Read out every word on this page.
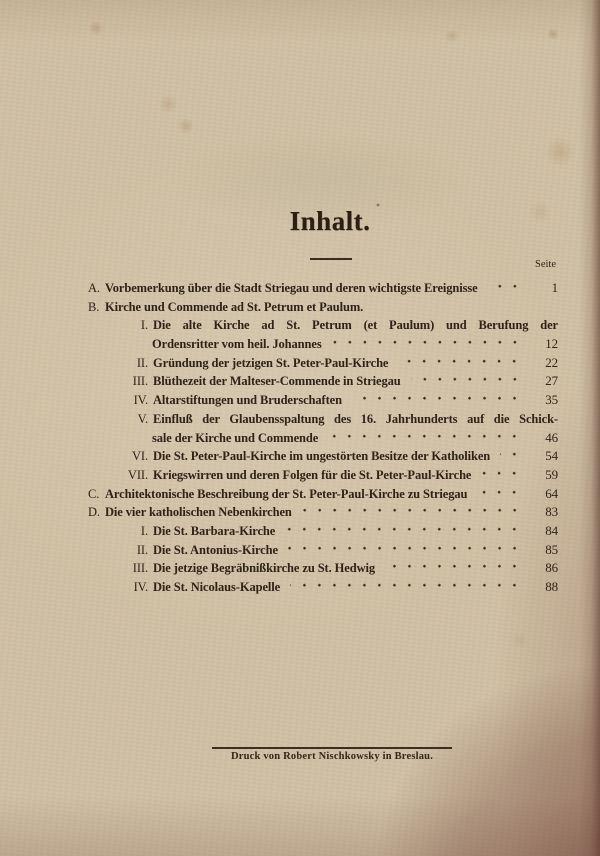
Inhalt.
Seite
A. Vorbemerkung über die Stadt Striegau und deren wichtigste Ereignisse	1
B. Kirche und Commende ad St. Petrum et Paulum.
I. Die alte Kirche ad St. Petrum (et Paulum) und Berufung der
Ordensritter vom heil. Johannes	12
II. Gründung der jetzigen St. Peter-Paul-Kirche	22
III. Blüthezeit der Malteser-Commende in Striegau	27
IV. Altarstiftungen und Bruderschaften	35
V. Einfluß der Glaubensspaltung des 16. Jahrhunderts auf die Schick-
sale der Kirche und Commende	46
VI. Die St. Peter-Paul-Kirche im ungestörten Besitze der Katholiken	54
VII. Kriegswirren und deren Folgen für die St. Peter-Paul-Kirche	59
C. Architektonische Beschreibung der St. Peter-Paul-Kirche zu Striegau	64
D. Die vier katholischen Nebenkirchen	83
I. Die St. Barbara-Kirche	84
II. Die St. Antonius-Kirche	85
III. Die jetzige Begräbnißkirche zu St. Hedwig	86
IV. Die St. Nicolaus-Kapelle	88
Druck von Robert Nischkowsky in Breslau.
